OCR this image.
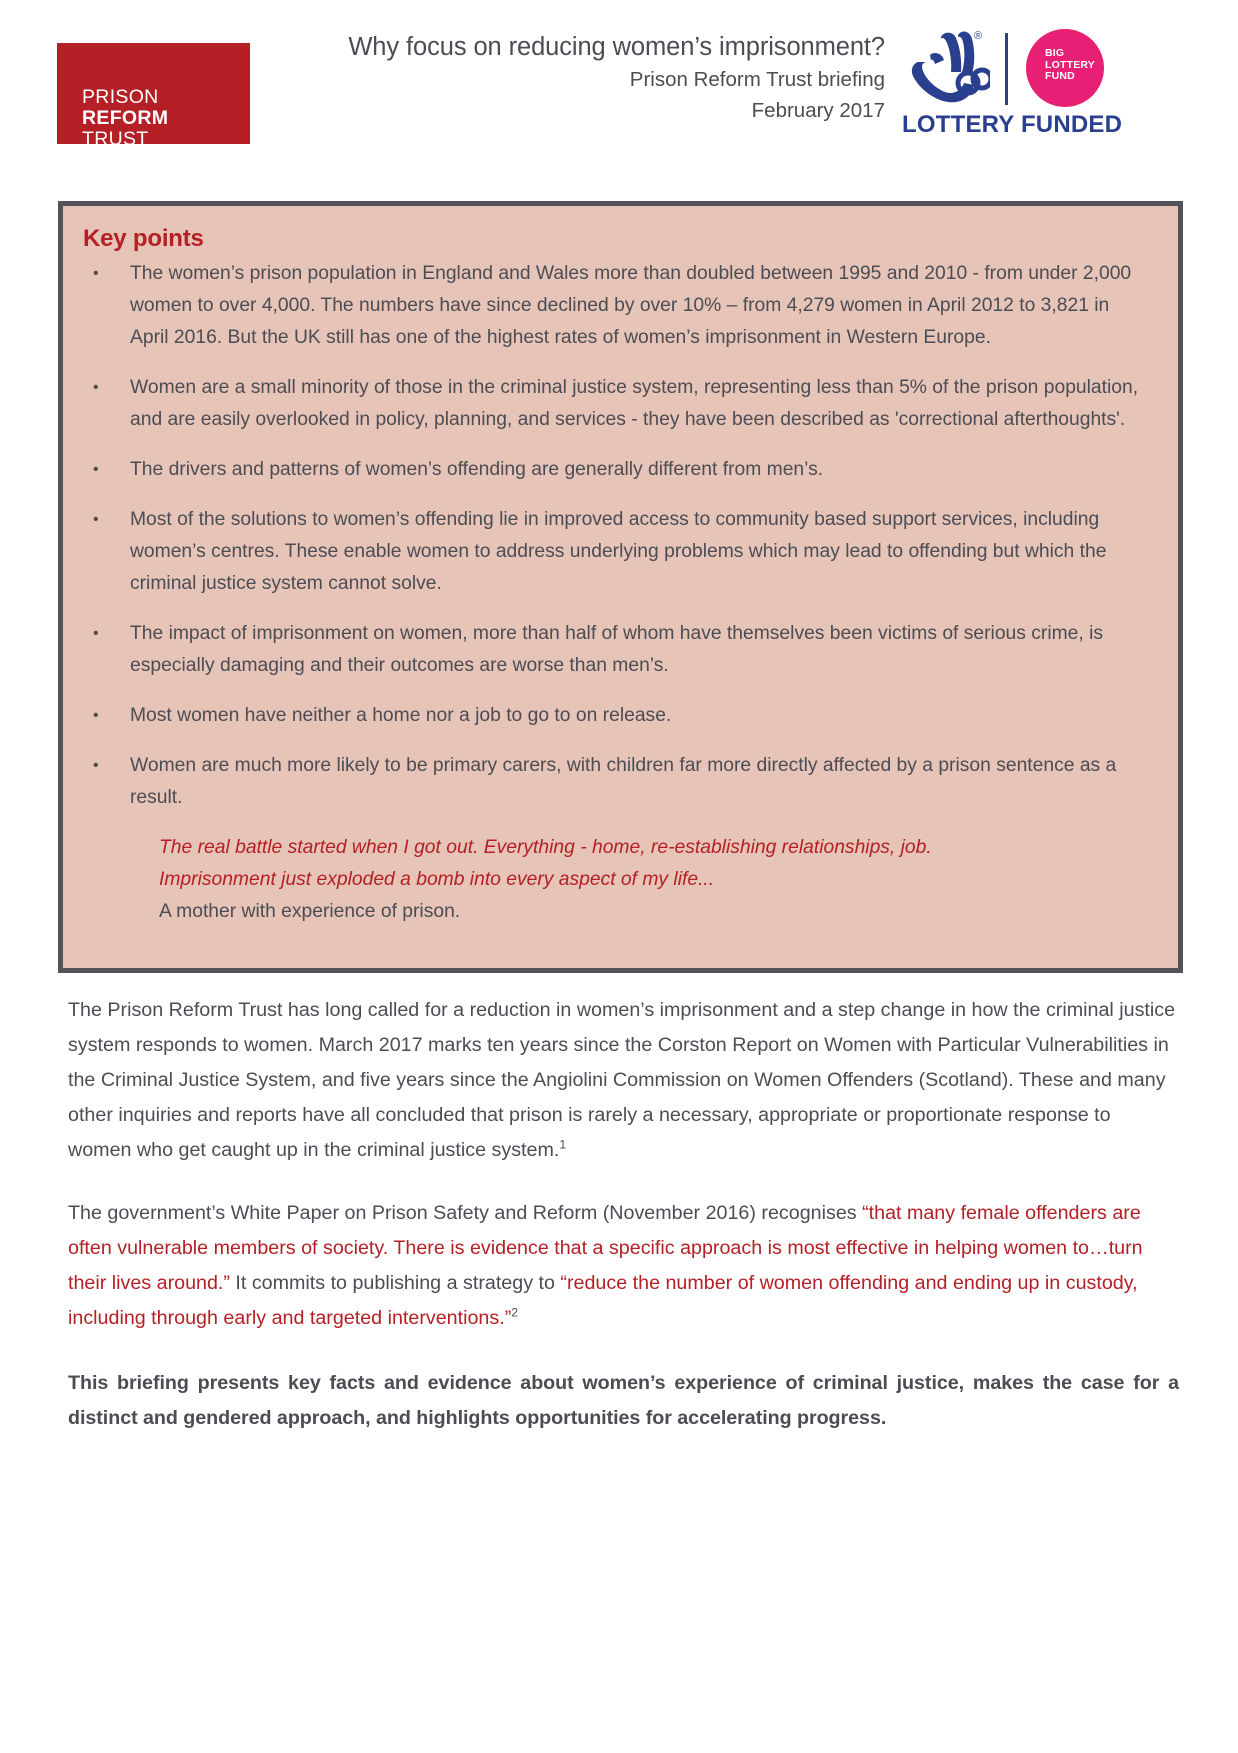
PRISON
REFORM
TRUST
Why focus on reducing women’s imprisonment?
Prison Reform Trust briefing
February 2017
®
BIG
LOTTERY
FUND
LOTTERY FUNDED
Key points
• The women’s prison population in England and Wales more than doubled between 1995 and 2010 - from under 2,000 women to over 4,000. The numbers have since declined by over 10% – from 4,279 women in April 2012 to 3,821 in April 2016. But the UK still has one of the highest rates of women’s imprisonment in Western Europe.
• Women are a small minority of those in the criminal justice system, representing less than 5% of the prison population, and are easily overlooked in policy, planning, and services - they have been described as 'correctional afterthoughts'.
• The drivers and patterns of women’s offending are generally different from men’s.
• Most of the solutions to women’s offending lie in improved access to community based support services, including women’s centres. These enable women to address underlying problems which may lead to offending but which the criminal justice system cannot solve.
• The impact of imprisonment on women, more than half of whom have themselves been victims of serious crime, is especially damaging and their outcomes are worse than men’s.
• Most women have neither a home nor a job to go to on release.
• Women are much more likely to be primary carers, with children far more directly affected by a prison sentence as a result.
The real battle started when I got out. Everything - home, re-establishing relationships, job.
Imprisonment just exploded a bomb into every aspect of my life...
A mother with experience of prison.

The Prison Reform Trust has long called for a reduction in women’s imprisonment and a step change in how the criminal justice system responds to women. March 2017 marks ten years since the Corston Report on Women with Particular Vulnerabilities in the Criminal Justice System, and five years since the Angiolini Commission on Women Offenders (Scotland). These and many other inquiries and reports have all concluded that prison is rarely a necessary, appropriate or proportionate response to women who get caught up in the criminal justice system.$^1$

The government’s White Paper on Prison Safety and Reform (November 2016) recognises “that many female offenders are often vulnerable members of society. There is evidence that a specific approach is most effective in helping women to…turn their lives around.” It commits to publishing a strategy to “reduce the number of women offending and ending up in custody, including through early and targeted interventions.”$^2$

This briefing presents key facts and evidence about women’s experience of criminal justice, makes the case for a distinct and gendered approach, and highlights opportunities for accelerating progress.
